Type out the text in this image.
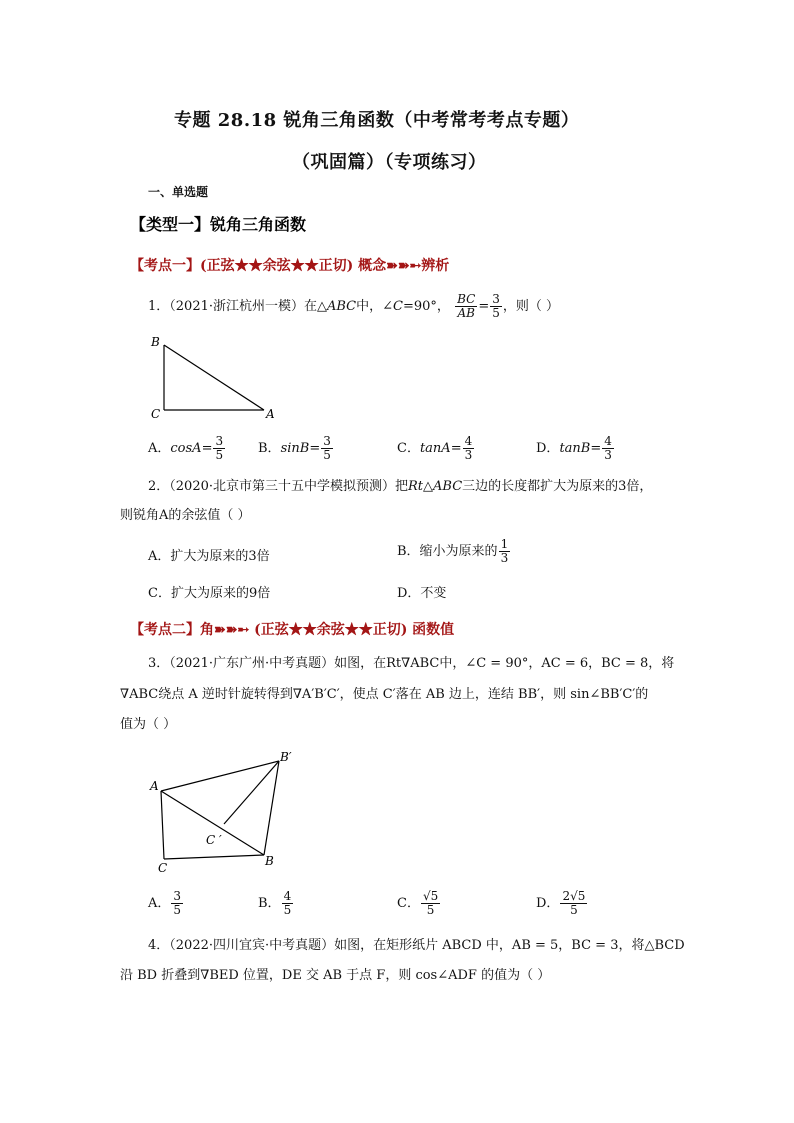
专题 28.18 锐角三角函数（中考常考考点专题）
（巩固篇）（专项练习）
一、单选题
【类型一】锐角三角函数
【考点一】(正弦★★余弦★★正切) 概念➽➽➸辨析
1．（2021·浙江杭州一模）在△ABC中，∠C=90°， $\frac{BC}{AB} = \frac{3}{5}$ ，则（ ）
B
C	A
A．$\cos A= \frac{3}{5}$	B．$\sin B= \frac{3}{5}$	C．$\tan A= \frac{4}{3}$	D．$\tan B= \frac{4}{3}$
2．（2020·北京市第三十五中学模拟预测）把Rt△ABC三边的长度都扩大为原来的3倍，
则锐角A的余弦值（ ）
A．扩大为原来的3倍	B．缩小为原来的 $\frac{1}{3}$
C．扩大为原来的9倍	D．不变
【考点二】角➽➽➸ (正弦★★余弦★★正切) 函数值
3．（2021·广东广州·中考真题）如图，在Rt∇ABC中，∠C = 90°，AC = 6，BC = 8，将
∇ABC绕点 A 逆时针旋转得到∇A′B′C′，使点 C′落在 AB 边上，连结 BB′，则 sin∠BB′C′的
值为（ ）
A
C	B
B′
C ′
A． $\frac{3}{5}$	B． $\frac{4}{5}$	C． $\frac{√5}{5}$	D． $\frac{2√5}{5}$
4．（2022·四川宜宾·中考真题）如图，在矩形纸片 ABCD 中，AB = 5，BC = 3，将△BCD
沿 BD 折叠到∇BED 位置，DE 交 AB 于点 F，则 cos∠ADF 的值为（ ）
